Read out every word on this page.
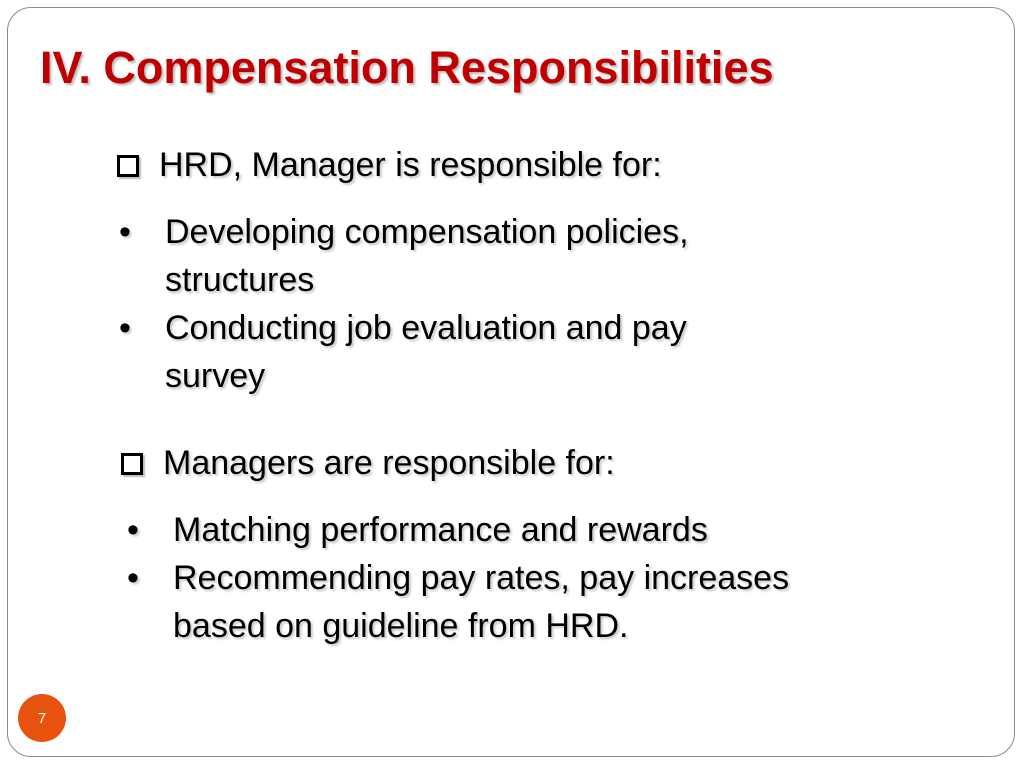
IV. Compensation Responsibilities
HRD, Manager is responsible for:
•	Developing compensation policies,
structures
•	Conducting job evaluation and pay
survey
Managers are responsible for:
•	Matching performance and rewards
•	Recommending pay rates, pay increases
based on guideline from HRD.
7
